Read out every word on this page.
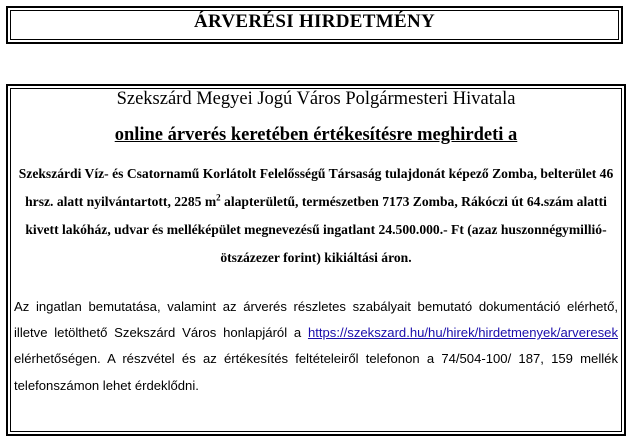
ÁRVERÉSI HIRDETMÉNY
Szekszárd Megyei Jogú Város Polgármesteri Hivatala
online árverés keretében értékesítésre meghirdeti a
Szekszárdi Víz- és Csatornamű Korlátolt Felelősségű Társaság tulajdonát képező Zomba, belterület 46 hrsz. alatt nyilvántartott, 2285 $m^2$ alapterületű, természetben 7173 Zomba, Rákóczi út 64.szám alatti kivett lakóház, udvar és melléképület megnevezésű ingatlant 24.500.000.- Ft (azaz huszonnégymillió-ötszázezer forint) kikiáltási áron.
Az ingatlan bemutatása, valamint az árverés részletes szabályait bemutató dokumentáció elérhető, illetve letölthető Szekszárd Város honlapjáról a https://szekszard.hu/hu/hirek/hirdetmenyek/arveresek elérhetőségen. A részvétel és az értékesítés feltételeiről telefonon a 74/504-100/ 187, 159 mellék telefonszámon lehet érdeklődni.
